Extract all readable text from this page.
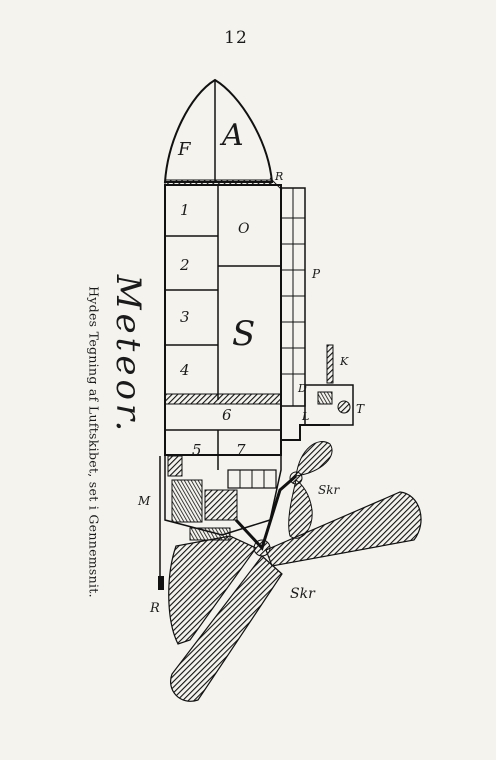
12
Hydes Tegning af Luftskibet, set i Gennemsnit. Meteor.
A
F
O
S
1
2
3
4
5
6
7
R
P
K
T
D
L
Skr
Skr
M
R
